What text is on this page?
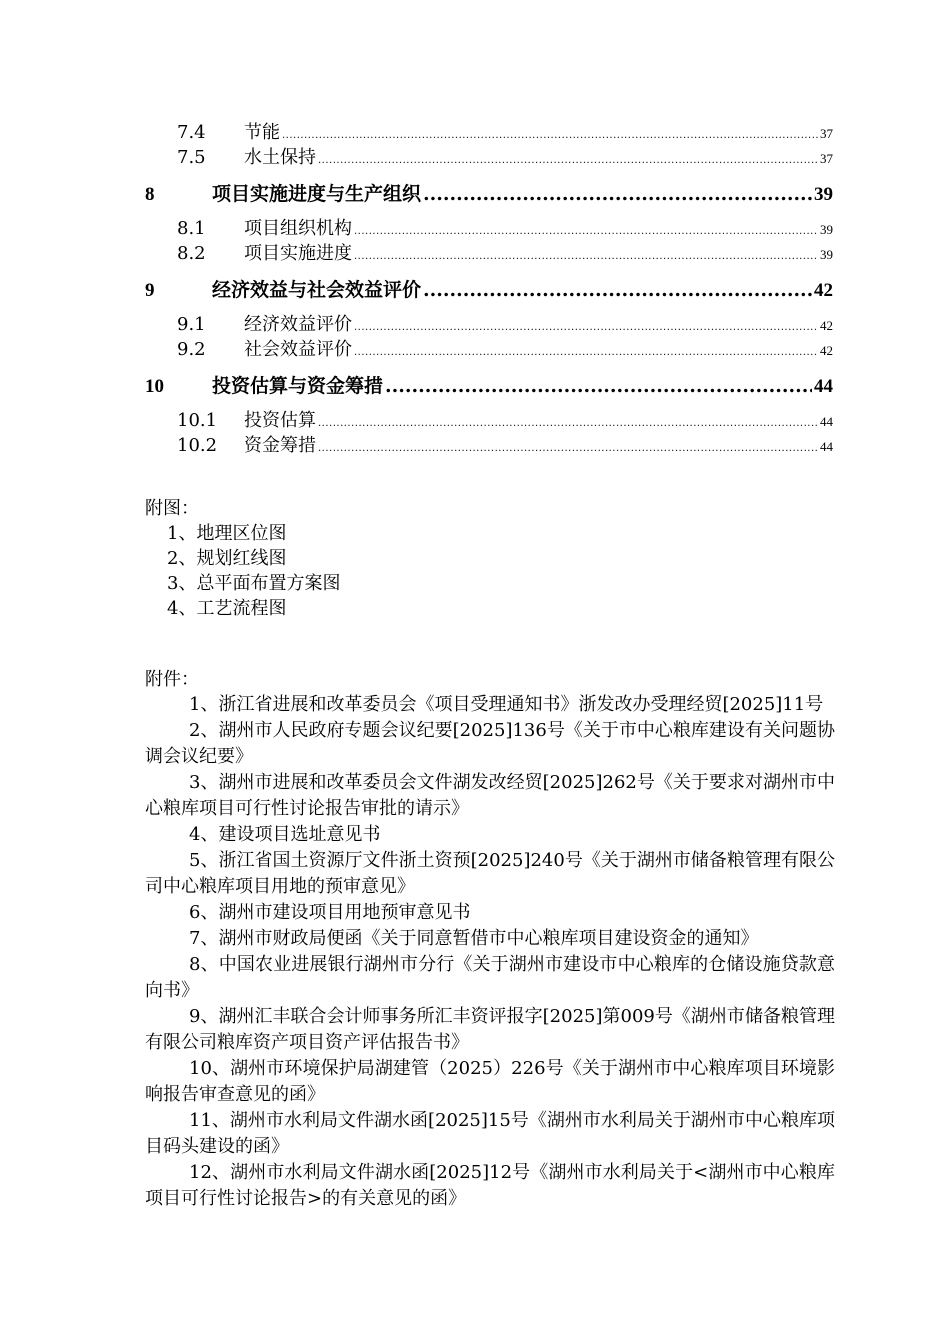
7.4	节能 .....	37
7.5	水土保持 .....	37
8	项目实施进度与生产组织 .....	39
8.1	项目组织机构 .....	39
8.2	项目实施进度 .....	39
9	经济效益与社会效益评价 .....	42
9.1	经济效益评价 .....	42
9.2	社会效益评价 .....	42
10	投资估算与资金筹措 .....	44
10.1	投资估算 .....	44
10.2	资金筹措 .....	44
附图：
1、地理区位图
2、规划红线图
3、总平面布置方案图
4、工艺流程图
附件：
1、浙江省进展和改革委员会《项目受理通知书》浙发改办受理经贸[2025]11号
2、湖州市人民政府专题会议纪要[2025]136号《关于市中心粮库建设有关问题协调会议纪要》
3、湖州市进展和改革委员会文件湖发改经贸[2025]262号《关于要求对湖州市中心粮库项目可行性讨论报告审批的请示》
4、建设项目选址意见书
5、浙江省国土资源厅文件浙土资预[2025]240号《关于湖州市储备粮管理有限公司中心粮库项目用地的预审意见》
6、湖州市建设项目用地预审意见书
7、湖州市财政局便函《关于同意暂借市中心粮库项目建设资金的通知》
8、中国农业进展银行湖州市分行《关于湖州市建设市中心粮库的仓储设施贷款意向书》
9、湖州汇丰联合会计师事务所汇丰资评报字[2025]第009号《湖州市储备粮管理有限公司粮库资产项目资产评估报告书》
10、湖州市环境保护局湖建管（2025）226号《关于湖州市中心粮库项目环境影响报告审查意见的函》
11、湖州市水利局文件湖水函[2025]15号《湖州市水利局关于湖州市中心粮库项目码头建设的函》
12、湖州市水利局文件湖水函[2025]12号《湖州市水利局关于<湖州市中心粮库项目可行性讨论报告>的有关意见的函》
